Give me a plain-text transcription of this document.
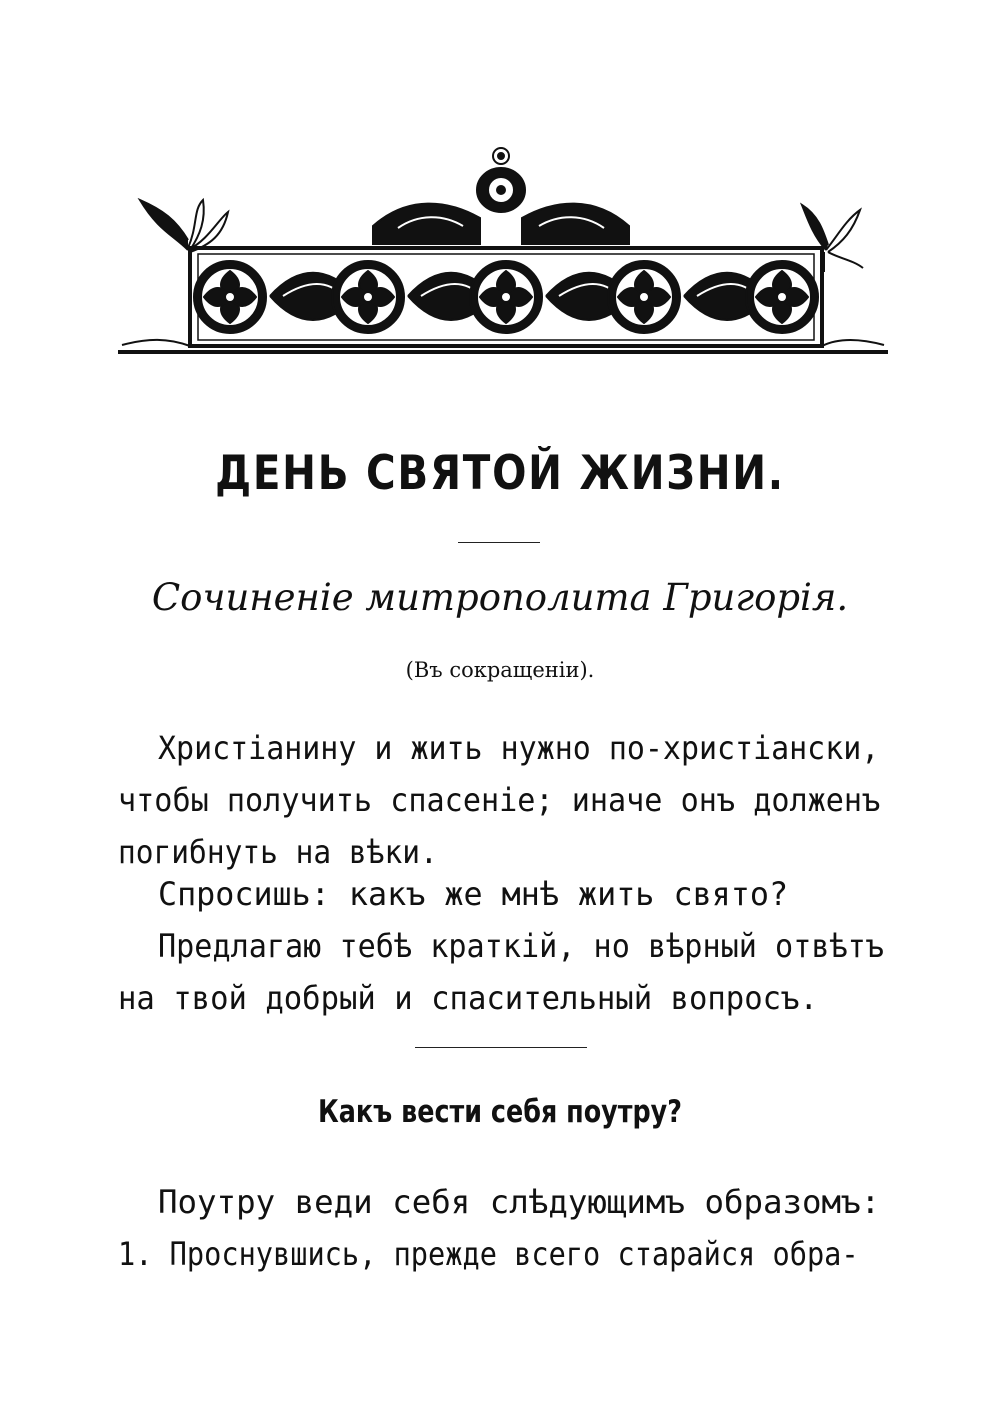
ДЕНЬ СВЯТОЙ ЖИЗНИ.
Сочиненіе митрополита Григорія.
(Въ сокращеніи).
Христіанину и жить нужно по-христіански,
чтобы получить спасеніе; иначе онъ долженъ
погибнуть на вѣки.
Спросишь: какъ же мнѣ жить свято?
Предлагаю тебѣ краткій, но вѣрный отвѣтъ
на твой добрый и спасительный вопросъ.
Какъ вести себя поутру?
Поутру веди себя слѣдующимъ образомъ:
1. Проснувшись, прежде всего старайся обра-
